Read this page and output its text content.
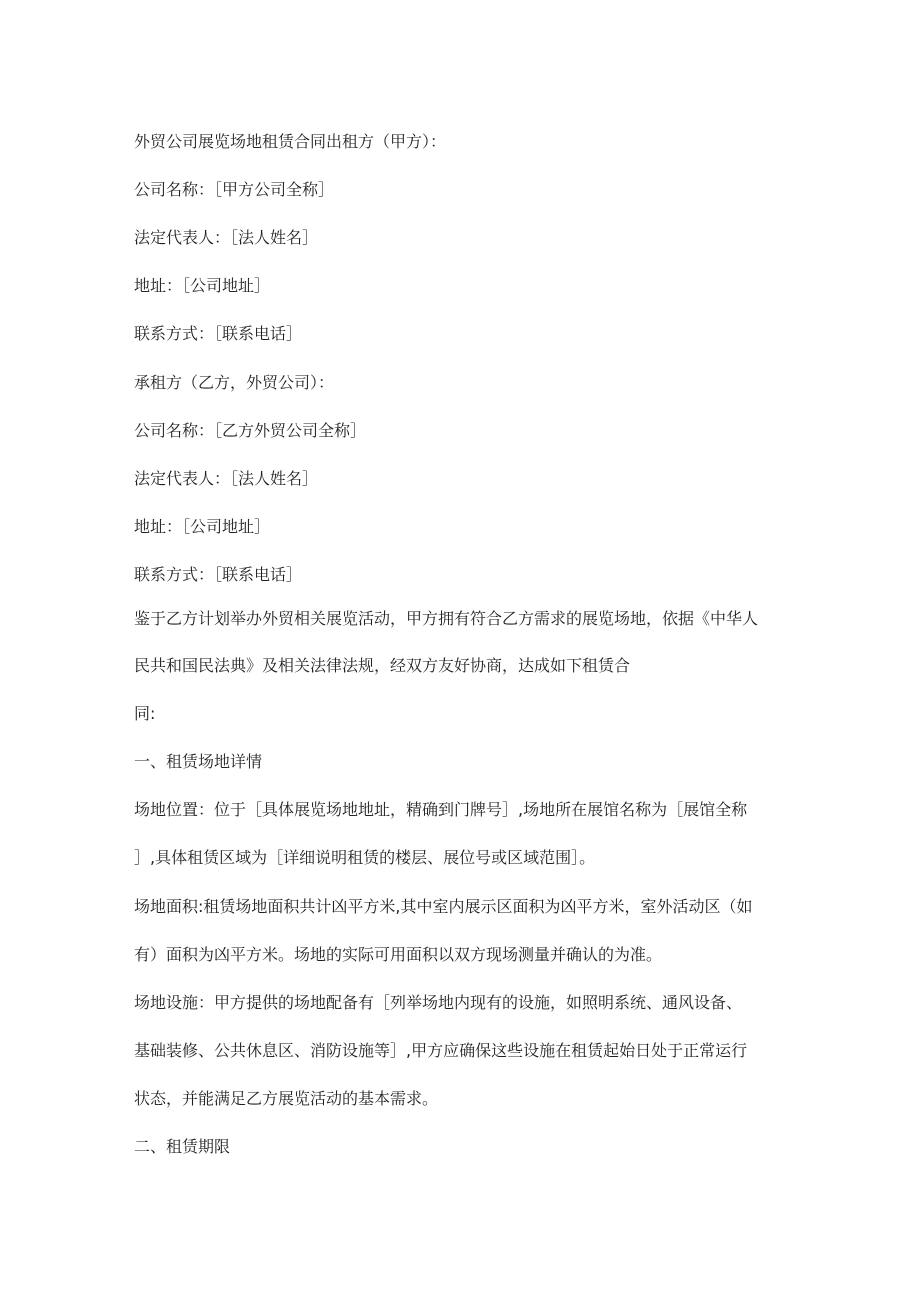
外贸公司展览场地租赁合同出租方（甲方）：

公司名称：［甲方公司全称］

法定代表人：［法人姓名］

地址：［公司地址］

联系方式：［联系电话］

承租方（乙方，外贸公司）：

公司名称：［乙方外贸公司全称］

法定代表人：［法人姓名］

地址：［公司地址］

联系方式：［联系电话］

鉴于乙方计划举办外贸相关展览活动，甲方拥有符合乙方需求的展览场地，依据《中华人

民共和国民法典》及相关法律法规，经双方友好协商，达成如下租赁合

同:

一、租赁场地详情

场地位置：位于［具体展览场地地址，精确到门牌号］,场地所在展馆名称为［展馆全称

］,具体租赁区域为［详细说明租赁的楼层、展位号或区域范围］。

场地面积:租赁场地面积共计凶平方米,其中室内展示区面积为凶平方米，室外活动区（如

有）面积为凶平方米。场地的实际可用面积以双方现场测量并确认的为准。

场地设施：甲方提供的场地配备有［列举场地内现有的设施，如照明系统、通风设备、

基础装修、公共休息区、消防设施等］,甲方应确保这些设施在租赁起始日处于正常运行

状态，并能满足乙方展览活动的基本需求。

二、租赁期限
